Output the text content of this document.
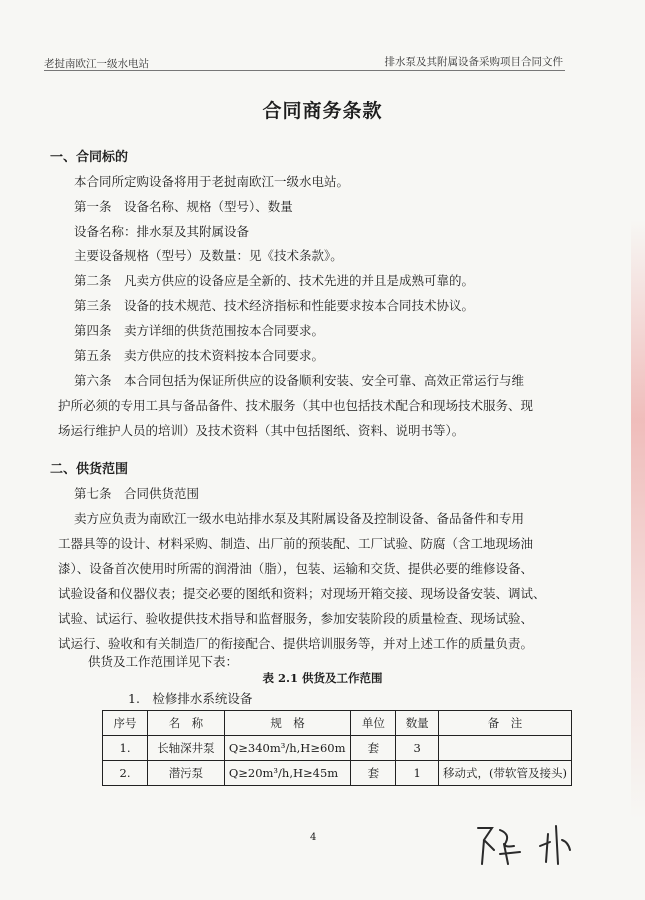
老挝南欧江一级水电站	排水泵及其附属设备采购项目合同文件
合同商务条款
一、合同标的
本合同所定购设备将用于老挝南欧江一级水电站。
第一条　设备名称、规格（型号）、数量
设备名称：排水泵及其附属设备
主要设备规格（型号）及数量：见《技术条款》。
第二条　凡卖方供应的设备应是全新的、技术先进的并且是成熟可靠的。
第三条　设备的技术规范、技术经济指标和性能要求按本合同技术协议。
第四条　卖方详细的供货范围按本合同要求。
第五条　卖方供应的技术资料按本合同要求。
第六条　本合同包括为保证所供应的设备顺利安装、安全可靠、高效正常运行与维
护所必须的专用工具与备品备件、技术服务（其中也包括技术配合和现场技术服务、现
场运行维护人员的培训）及技术资料（其中包括图纸、资料、说明书等）。
二、供货范围
第七条　合同供货范围
卖方应负责为南欧江一级水电站排水泵及其附属设备及控制设备、备品备件和专用
工器具等的设计、材料采购、制造、出厂前的预装配、工厂试验、防腐（含工地现场油
漆）、设备首次使用时所需的润滑油（脂），包装、运输和交货、提供必要的维修设备、
试验设备和仪器仪表；提交必要的图纸和资料；对现场开箱交接、现场设备安装、调试、
试验、试运行、验收提供技术指导和监督服务，参加安装阶段的质量检查、现场试验、
试运行、验收和有关制造厂的衔接配合、提供培训服务等，并对上述工作的质量负责。
供货及工作范围详见下表：
表 2.1 供货及工作范围
1.　检修排水系统设备
序号	名　称	规　格	单位	数量	备　注
1.	长轴深井泵	Q≥340m³/h,H≥60m	套	3	
2.	潜污泵	Q≥20m³/h,H≥45m	套	1	移动式，(带软管及接头)
4
